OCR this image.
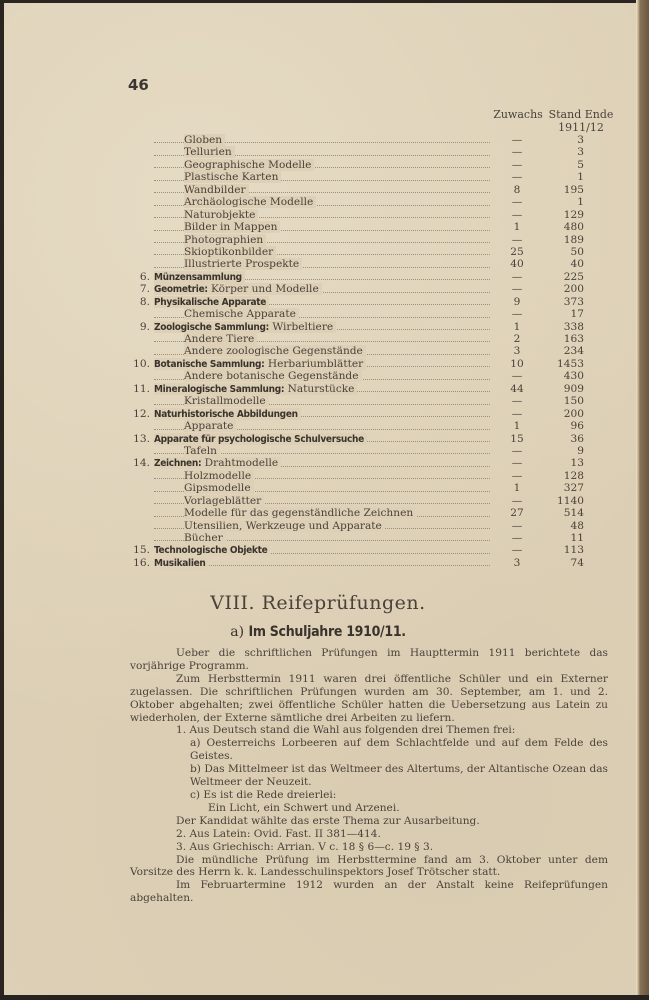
46
Zuwachs Stand Ende
1911/12
Globen	—	3
Tellurien	—	3
Geographische Modelle	—	5
Plastische Karten	—	1
Wandbilder	8	195
Archäologische Modelle	—	1
Naturobjekte	—	129
Bilder in Mappen	1	480
Photographien	—	189
Skioptikonbilder	25	50
Illustrierte Prospekte	40	40
6. Münzensammlung	—	225
7. Geometrie: Körper und Modelle	—	200
8. Physikalische Apparate	9	373
Chemische Apparate	—	17
9. Zoologische Sammlung: Wirbeltiere	1	338
Andere Tiere	2	163
Andere zoologische Gegenstände	3	234
10. Botanische Sammlung: Herbariumblätter	10	1453
Andere botanische Gegenstände	—	430
11. Mineralogische Sammlung: Naturstücke	44	909
Kristallmodelle	—	150
12. Naturhistorische Abbildungen	—	200
Apparate	1	96
13. Apparate für psychologische Schulversuche	15	36
Tafeln	—	9
14. Zeichnen: Drahtmodelle	—	13
Holzmodelle	—	128
Gipsmodelle	1	327
Vorlageblätter	—	1140
Modelle für das gegenständliche Zeichnen	27	514
Utensilien, Werkzeuge und Apparate	—	48
Bücher	—	11
15. Technologische Objekte	—	113
16. Musikalien	3	74
VIII. Reifeprüfungen.
a) Im Schuljahre 1910/11.

Ueber die schriftlichen Prüfungen im Haupttermin 1911 berichtete das vorjährige Programm.

Zum Herbsttermin 1911 waren drei öffentliche Schüler und ein Externer zugelassen. Die schriftlichen Prüfungen wurden am 30. September, am 1. und 2. Oktober abgehalten; zwei öffentliche Schüler hatten die Uebersetzung aus Latein zu wiederholen, der Externe sämtliche drei Arbeiten zu liefern.

1. Aus Deutsch stand die Wahl aus folgenden drei Themen frei:

a) Oesterreichs Lorbeeren auf dem Schlachtfelde und auf dem Felde des Geistes.

b) Das Mittelmeer ist das Weltmeer des Altertums, der Altantische Ozean das Weltmeer der Neuzeit.

c) Es ist die Rede dreierlei:

Ein Licht, ein Schwert und Arzenei.

Der Kandidat wählte das erste Thema zur Ausarbeitung.

2. Aus Latein: Ovid. Fast. II 381—414.

3. Aus Griechisch: Arrian. V c. 18 § 6—c. 19 § 3.

Die mündliche Prüfung im Herbsttermine fand am 3. Oktober unter dem Vorsitze des Herrn k. k. Landesschulinspektors Josef Trötscher statt.

Im Februartermine 1912 wurden an der Anstalt keine Reifeprüfungen abgehalten.
